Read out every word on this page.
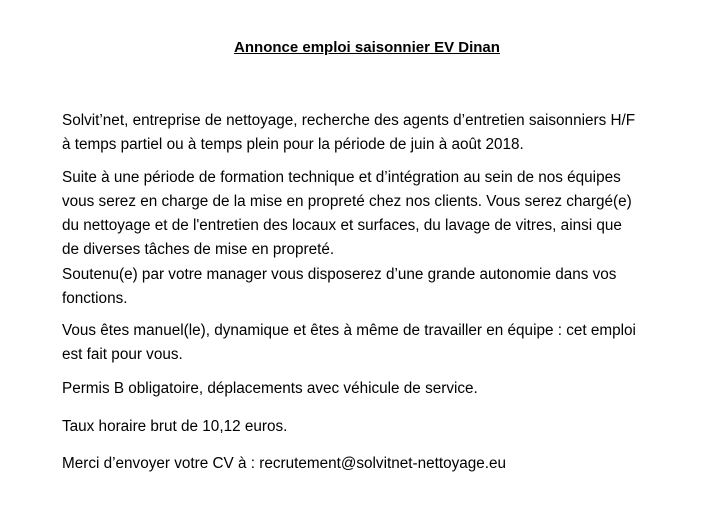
Annonce emploi saisonnier EV Dinan

Solvit’net, entreprise de nettoyage, recherche des agents d’entretien saisonniers H/F
à temps partiel ou à temps plein pour la période de juin à août 2018.

Suite à une période de formation technique et d’intégration au sein de nos équipes
vous serez en charge de la mise en propreté chez nos clients. Vous serez chargé(e)
du nettoyage et de l'entretien des locaux et surfaces, du lavage de vitres, ainsi que
de diverses tâches de mise en propreté.

Soutenu(e) par votre manager vous disposerez d’une grande autonomie dans vos
fonctions.

Vous êtes manuel(le), dynamique et êtes à même de travailler en équipe : cet emploi
est fait pour vous.

Permis B obligatoire, déplacements avec véhicule de service.

Taux horaire brut de 10,12 euros.

Merci d’envoyer votre CV à : recrutement@solvitnet-nettoyage.eu
